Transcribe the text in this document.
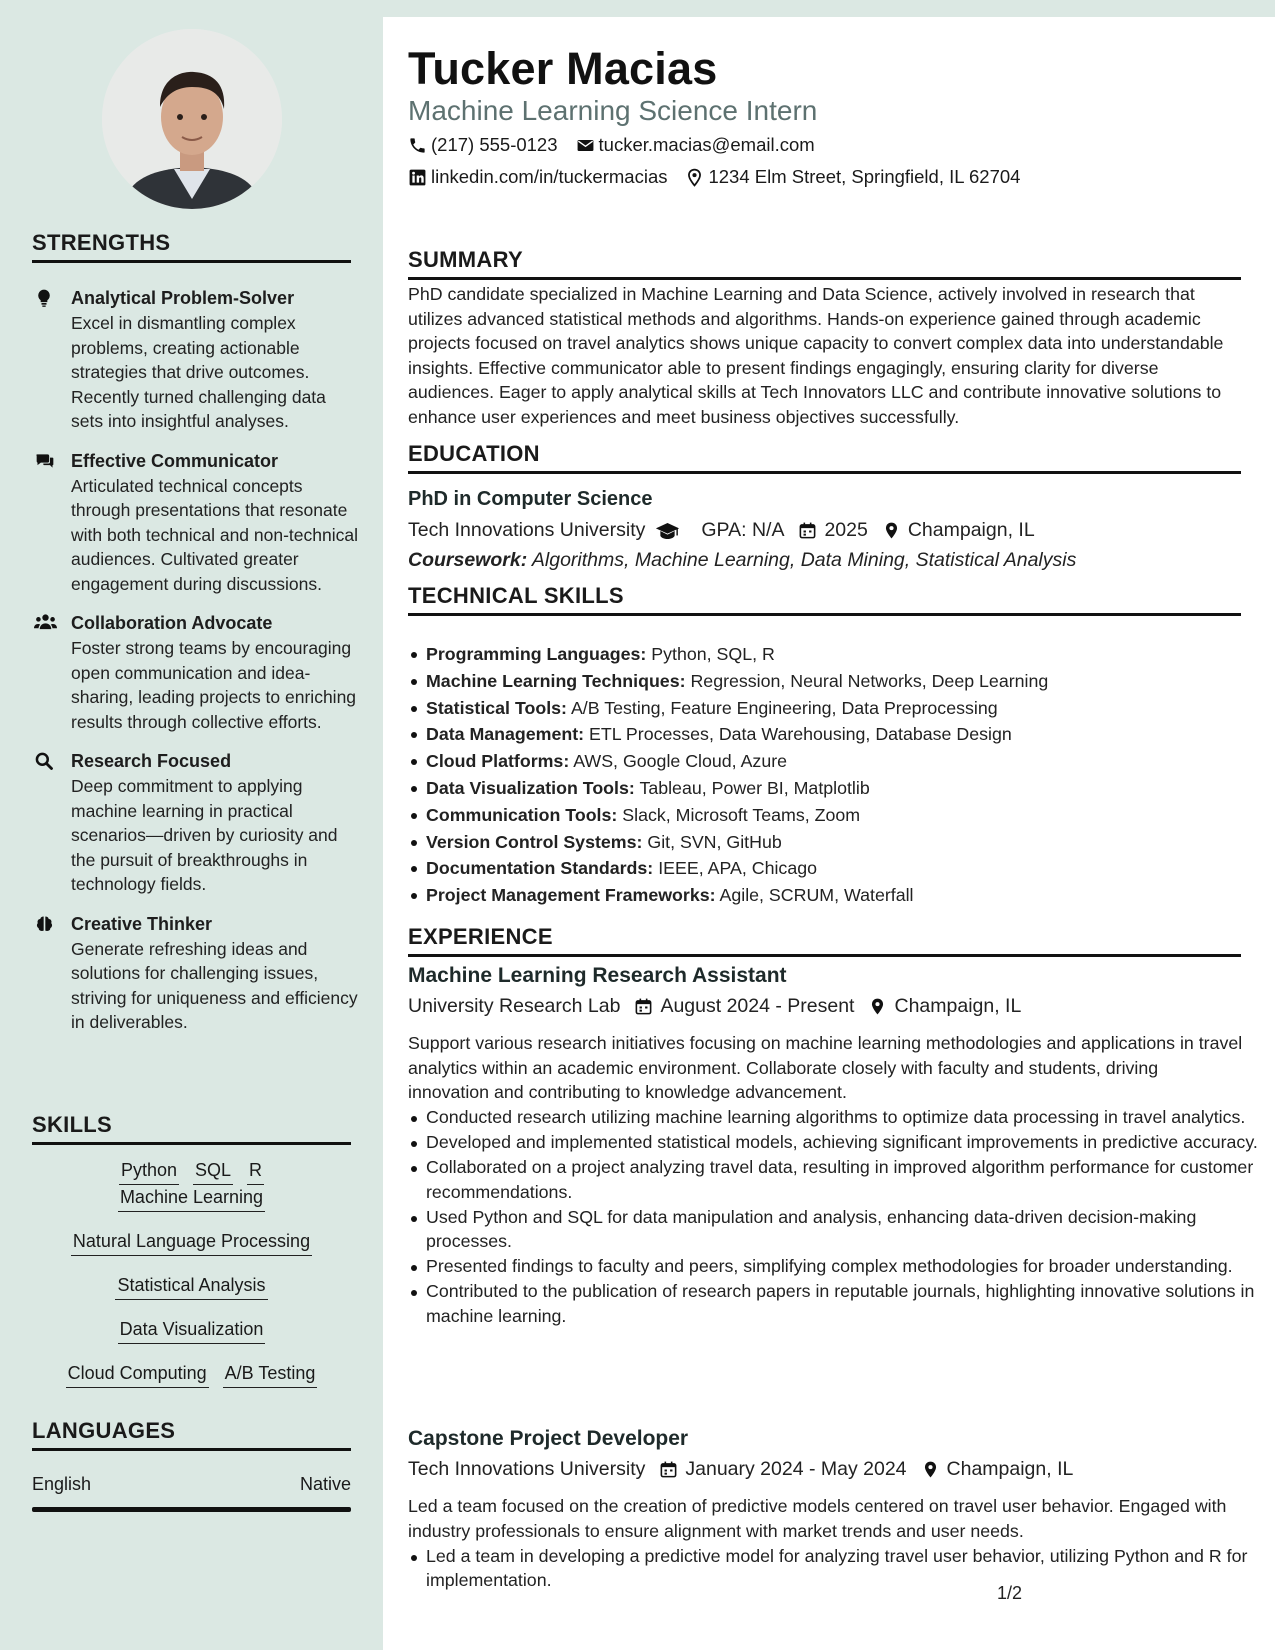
STRENGTHS
Analytical Problem-Solver
Excel in dismantling complex problems, creating actionable strategies that drive outcomes. Recently turned challenging data sets into insightful analyses.
Effective Communicator
Articulated technical concepts through presentations that resonate with both technical and non-technical audiences. Cultivated greater engagement during discussions.
Collaboration Advocate
Foster strong teams by encouraging open communication and idea-sharing, leading projects to enriching results through collective efforts.
Research Focused
Deep commitment to applying machine learning in practical scenarios—driven by curiosity and the pursuit of breakthroughs in technology fields.
Creative Thinker
Generate refreshing ideas and solutions for challenging issues, striving for uniqueness and efficiency in deliverables.
SKILLS
Python SQL RMachine Learning
Natural Language Processing
Statistical Analysis
Data Visualization
Cloud Computing A/B Testing
LANGUAGES
English	Native
Tucker Macias
Machine Learning Science Intern
(217) 555-0123 tucker.macias@email.com
linkedin.com/in/tuckermacias 1234 Elm Street, Springfield, IL 62704
SUMMARY
PhD candidate specialized in Machine Learning and Data Science, actively involved in research that utilizes advanced statistical methods and algorithms. Hands-on experience gained through academic projects focused on travel analytics shows unique capacity to convert complex data into understandable insights. Effective communicator able to present findings engagingly, ensuring clarity for diverse audiences. Eager to apply analytical skills at Tech Innovators LLC and contribute innovative solutions to enhance user experiences and meet business objectives successfully.
EDUCATION
PhD in Computer Science
Tech Innovations University	GPA: N/A 2025 Champaign, IL
Coursework: Algorithms, Machine Learning, Data Mining, Statistical Analysis
TECHNICAL SKILLS
Programming Languages: Python, SQL, R
Machine Learning Techniques: Regression, Neural Networks, Deep Learning
Statistical Tools: A/B Testing, Feature Engineering, Data Preprocessing
Data Management: ETL Processes, Data Warehousing, Database Design
Cloud Platforms: AWS, Google Cloud, Azure
Data Visualization Tools: Tableau, Power BI, Matplotlib
Communication Tools: Slack, Microsoft Teams, Zoom
Version Control Systems: Git, SVN, GitHub
Documentation Standards: IEEE, APA, Chicago
Project Management Frameworks: Agile, SCRUM, Waterfall
EXPERIENCE
Machine Learning Research Assistant
University Research Lab August 2024 - Present Champaign, IL
Support various research initiatives focusing on machine learning methodologies and applications in travel analytics within an academic environment. Collaborate closely with faculty and students, driving innovation and contributing to knowledge advancement.
Conducted research utilizing machine learning algorithms to optimize data processing in travel analytics.
Developed and implemented statistical models, achieving significant improvements in predictive accuracy.
Collaborated on a project analyzing travel data, resulting in improved algorithm performance for customer recommendations.
Used Python and SQL for data manipulation and analysis, enhancing data-driven decision-making processes.
Presented findings to faculty and peers, simplifying complex methodologies for broader understanding.
Contributed to the publication of research papers in reputable journals, highlighting innovative solutions in machine learning.
Capstone Project Developer
Tech Innovations University January 2024 - May 2024 Champaign, IL
Led a team focused on the creation of predictive models centered on travel user behavior. Engaged with industry professionals to ensure alignment with market trends and user needs.
Led a team in developing a predictive model for analyzing travel user behavior, utilizing Python and R for implementation.
1/2
